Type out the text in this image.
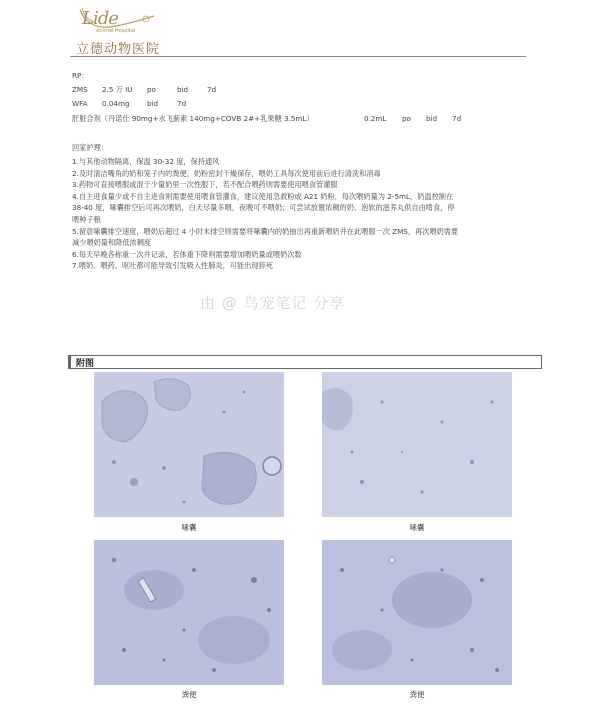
Lide
Animal Hospital
立德动物医院
RP：
ZMS 2.5 万 IU po	bid	7d
WFA 0.04mg bid	7d
肝脏合剂（丹诺仕 90mg+水飞蓟素 140mg+COVB 2#+乳果糖 3.5mL）	0.2mL po bid 7d
回家护理：
1.与其他动物隔离，保温 30-32 度，保持通风
2.及时清洁嘴角的奶和笼子内的粪便，奶粉密封干燥保存，喂奶工具每次使用前后进行清洗和消毒
3.药物可直接喂服或混于少量奶里一次性服下，若不配合喂药则需要使用喂食管灌服
4.自主进食量少或不自主进食则需要使用喂食管灌食，建议使用急救粉或 A21 奶粉，每次喂奶量为 2-5mL，奶温控制在
38-40 度，嗉囊排空后可再次喂奶，白天尽量多喂，夜晚可不喂奶；可尝试放置浓稠的奶、泡软的滋养丸供自由啃食，停
喂种子粮
5.留意嗉囊排空速度，喂奶后超过 4 小时未排空则需要将嗉囊内的奶抽出再重新喂奶并在此喂服一次 ZMS，再次喂奶需要
减少喂奶量和降低浓稠度
6.每天早晚各称重一次并记录，若体重下降则需要增加喂奶量或喂奶次数
7.喂奶、喂药、呕吐都可能导致引发吸入性肺炎，可能出现猝死
由 @ 鸟宠笔记 分享
附图
嗉囊	嗉囊
粪便	粪便
